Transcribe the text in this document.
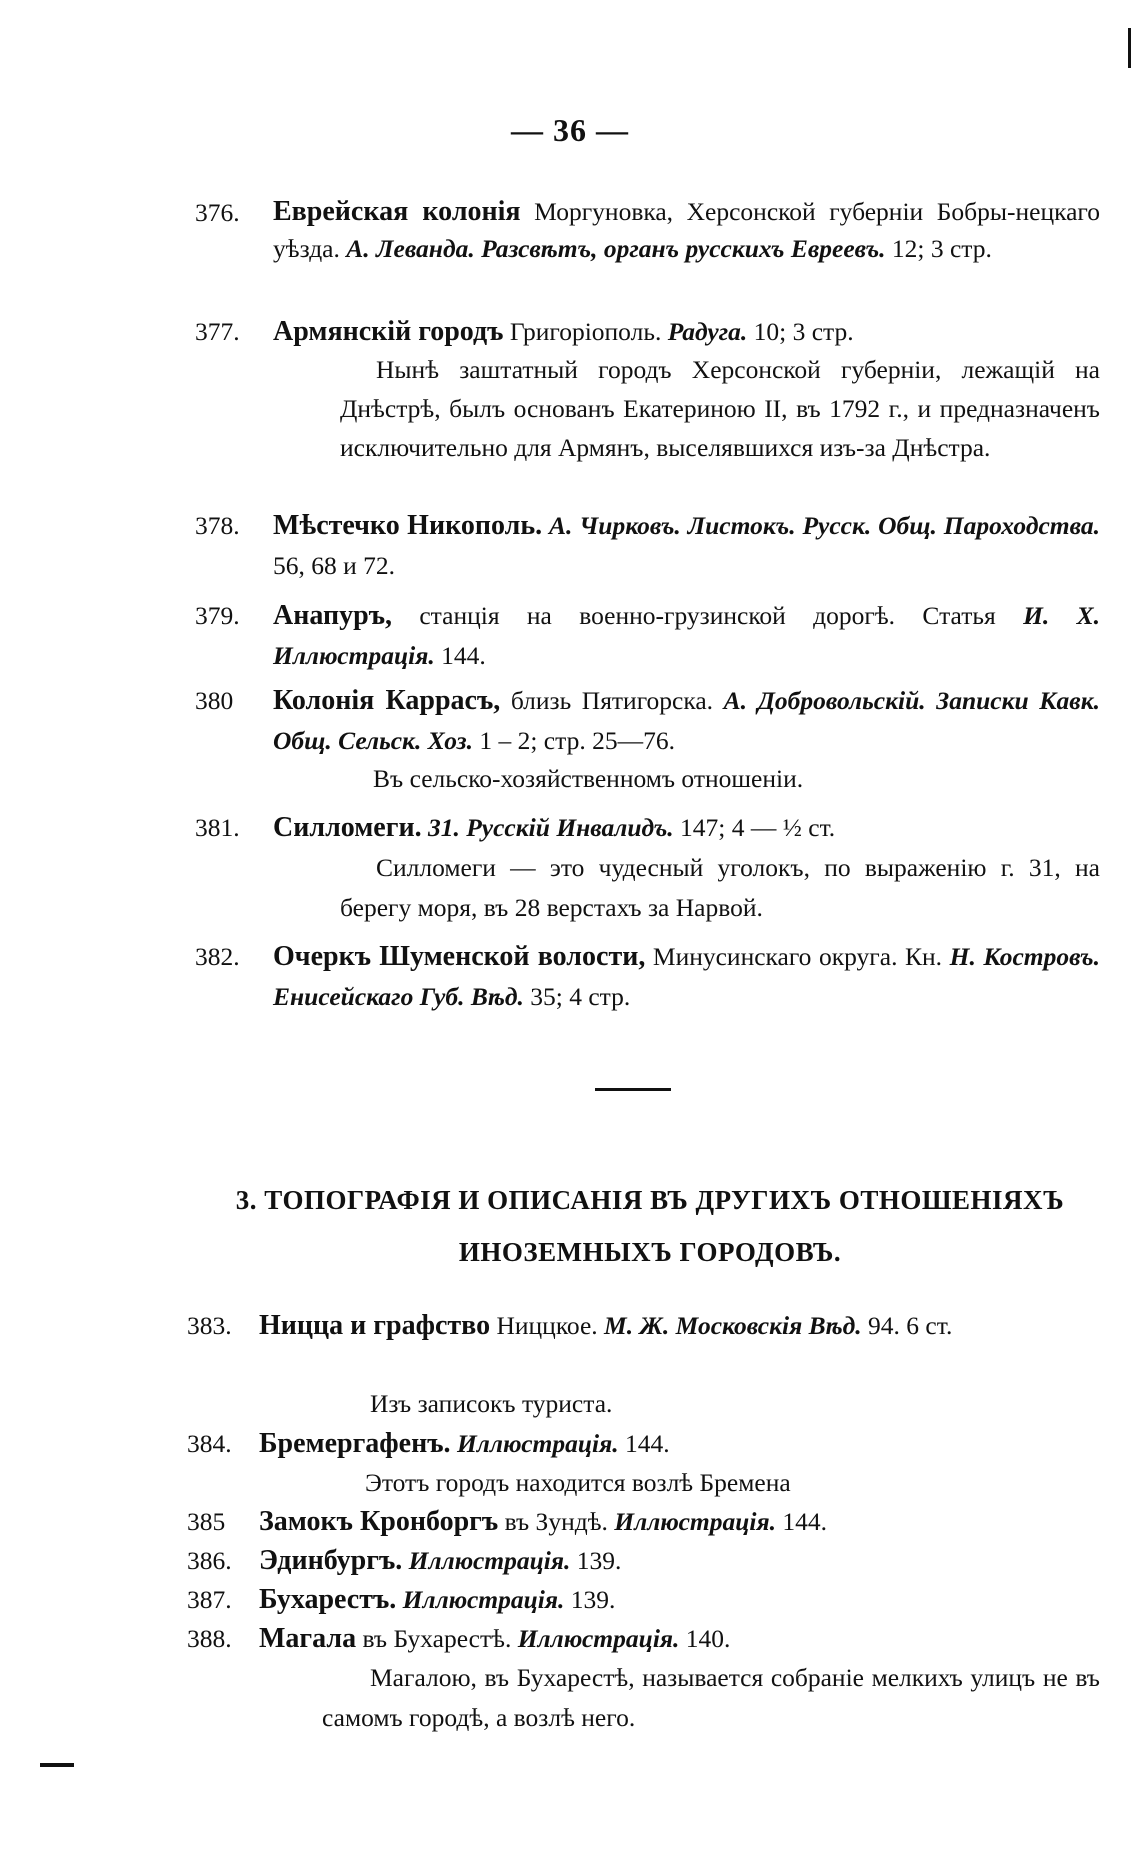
— 36 —
376.	Еврейская колонія Моргуновка, Херсонской губерніи Бобры-нецкаго уѣзда. А. Леванда. Разсвѣтъ, органъ русскихъ Евреевъ. 12; 3 стр.
377.	Армянскій городъ Григоріополь. Радуга. 10; 3 стр.
Нынѣ заштатный городъ Херсонской губерніи, лежащій на Днѣстрѣ, былъ основанъ Екатериною II, въ 1792 г., и предназначенъ исключительно для Армянъ, выселявшихся изъ-за Днѣстра.
378.	Мѣстечко Никополь. А. Чирковъ. Листокъ. Русск. Общ. Пароходства. 56, 68 и 72.
379.	Анапуръ, станція на военно-грузинской дорогѣ. Статья И. Х. Иллюстрація. 144.
380	Колонія Каррасъ, близь Пятигорска. А. Добровольскій. Записки Кавк. Общ. Сельск. Хоз. 1 – 2; стр. 25—76.
Въ сельско-хозяйственномъ отношеніи.
381.	Силломеги. 31. Русскій Инвалидъ. 147; 4 — ½ ст.
Силломеги — это чудесный уголокъ, по выраженію г. 31, на берегу моря, въ 28 верстахъ за Нарвой.
382.	Очеркъ Шуменской волости, Минусинскаго округа. Кн. Н. Костровъ. Енисейскаго Губ. Вѣд. 35; 4 стр.
3. ТОПОГРАФІЯ И ОПИСАНІЯ ВЪ ДРУГИХЪ ОТНОШЕНІЯХЪ
ИНОЗЕМНЫХЪ ГОРОДОВЪ.
383. Ницца и графство Ниццкое. М. Ж. Московскія Вѣд. 94. 6 ст.
Изъ записокъ туриста.
384. Бремергафенъ. Иллюстрація. 144.
Этотъ городъ находится возлѣ Бремена
385	Замокъ Кронборгъ въ Зундѣ. Иллюстрація. 144.
386. Эдинбургъ. Иллюстрація. 139.
387. Бухарестъ. Иллюстрація. 139.
388. Магала въ Бухарестѣ. Иллюстрація. 140.
Магалою, въ Бухарестѣ, называется собраніе мелкихъ улицъ не въ самомъ городѣ, а возлѣ него.
